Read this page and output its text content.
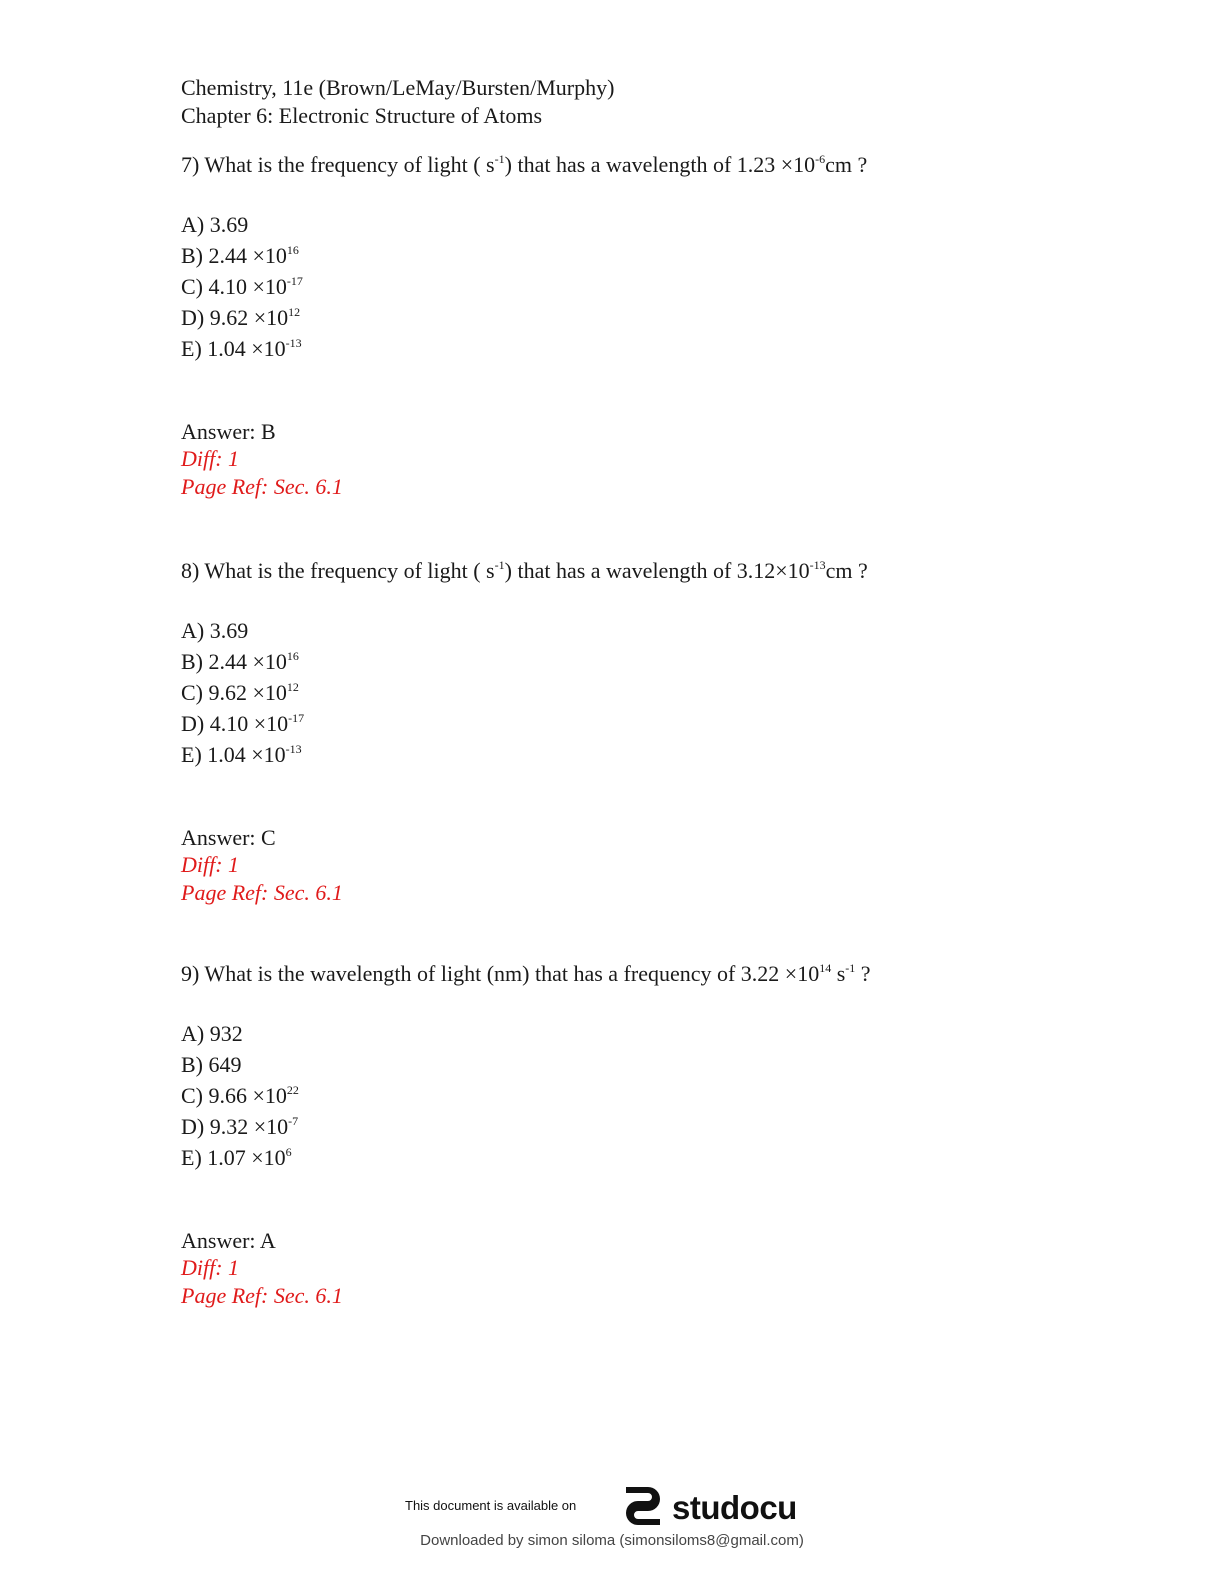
Chemistry, 11e (Brown/LeMay/Bursten/Murphy)
Chapter 6: Electronic Structure of Atoms
7) What is the frequency of light ( $s^{-1}$) that has a wavelength of $1.23 \times 10^{-6}cm$ ?
A) 3.69
B) $2.44 \times 10^{16}$
C) $4.10 \times 10^{-17}$
D) $9.62 \times 10^{12}$
E) $1.04 \times 10^{-13}$
Answer: B
Diff: 1
Page Ref: Sec. 6.1
8) What is the frequency of light ( $s^{-1}$) that has a wavelength of $3.12\times 10^{-13}cm$ ?
A) 3.69
B) $2.44 \times 10^{16}$
C) $9.62 \times 10^{12}$
D) $4.10 \times 10^{-17}$
E) $1.04 \times 10^{-13}$
Answer: C
Diff: 1
Page Ref: Sec. 6.1
9) What is the wavelength of light (nm) that has a frequency of $3.22 \times 10^{14}$ $s^{-1}$ ?
A) 932
B) 649
C) $9.66 \times 10^{22}$
D) $9.32 \times 10^{-7}$
E) $1.07 \times 10^6$
Answer: A
Diff: 1
Page Ref: Sec. 6.1
This document is available on	studocu
Downloaded by simon siloma (simonsiloms8@gmail.com)
